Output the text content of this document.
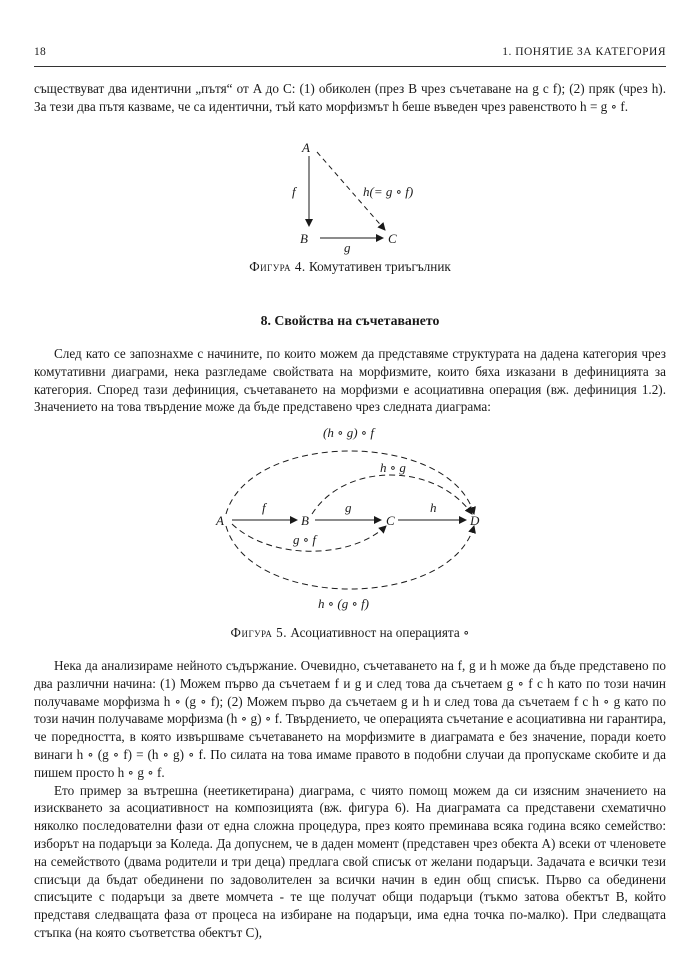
18	1. ПОНЯТИЕ ЗА КАТЕГОРИЯ

съществуват два идентични „пътя“ от A до C: (1) обиколен (през B чрез съчетаване на g с f); (2) пряк (чрез h). За тези два пътя казваме, че са идентични, тъй като морфизмът h беше въведен чрез равенството h = g ∘ f.

A
B	C
f
g
h(= g ∘ f)
Фигура 4. Комутативен триъгълник
8. Свойства на съчетаването

След като се запознахме с начините, по които можем да представяме структурата на дадена категория чрез комутативни диаграми, нека разгледаме свойствата на морфизмите, които бяха изказани в дефиницията за категория. Според тази дефиниция, съчетаването на морфизми е асоциативна операция (вж. дефиниция 1.2). Значението на това твърдение може да бъде представено чрез следната диаграма:

A	B	C	D
f	g	h
g ∘ f
h ∘ g
(h ∘ g) ∘ f
h ∘ (g ∘ f)
Фигура 5. Асоциативност на операцията ∘

Нека да анализираме нейното съдържание. Очевидно, съчетаването на f, g и h може да бъде представено по два различни начина: (1) Можем първо да съчетаем f и g и след това да съчетаем g ∘ f с h като по този начин получаваме морфизма h ∘ (g ∘ f); (2) Можем първо да съчетаем g и h и след това да съчетаем f с h ∘ g като по този начин получаваме морфизма (h ∘ g) ∘ f. Твърдението, че операцията съчетание е асоциативна ни гарантира, че поредността, в която извършваме съчетаването на морфизмите в диаграмата е без значение, поради което винаги h ∘ (g ∘ f) = (h ∘ g) ∘ f. По силата на това имаме правото в подобни случаи да пропускаме скобите и да пишем просто h ∘ g ∘ f.

Ето пример за вътрешна (неетикетирана) диаграма, с чиято помощ можем да си изясним значението на изискването за асоциативност на композицията (вж. фигура 6). На диаграмата са представени схематично няколко последователни фази от една сложна процедура, през която преминава всяка година всяко семейство: изборът на подаръци за Коледа. Да допуснем, че в даден момент (представен чрез обекта A) всеки от членовете на семейството (двама родители и три деца) предлага свой списък от желани подаръци. Задачата е всички тези списъци да бъдат обединени по задоволителен за всички начин в един общ списък. Първо са обединени списъците с подаръци за двете момчета - те ще получат общи подаръци (тъкмо затова обектът B, който представя следващата фаза от процеса на избиране на подаръци, има една точка по-малко). При следващата стъпка (на която съответства обектът C),
